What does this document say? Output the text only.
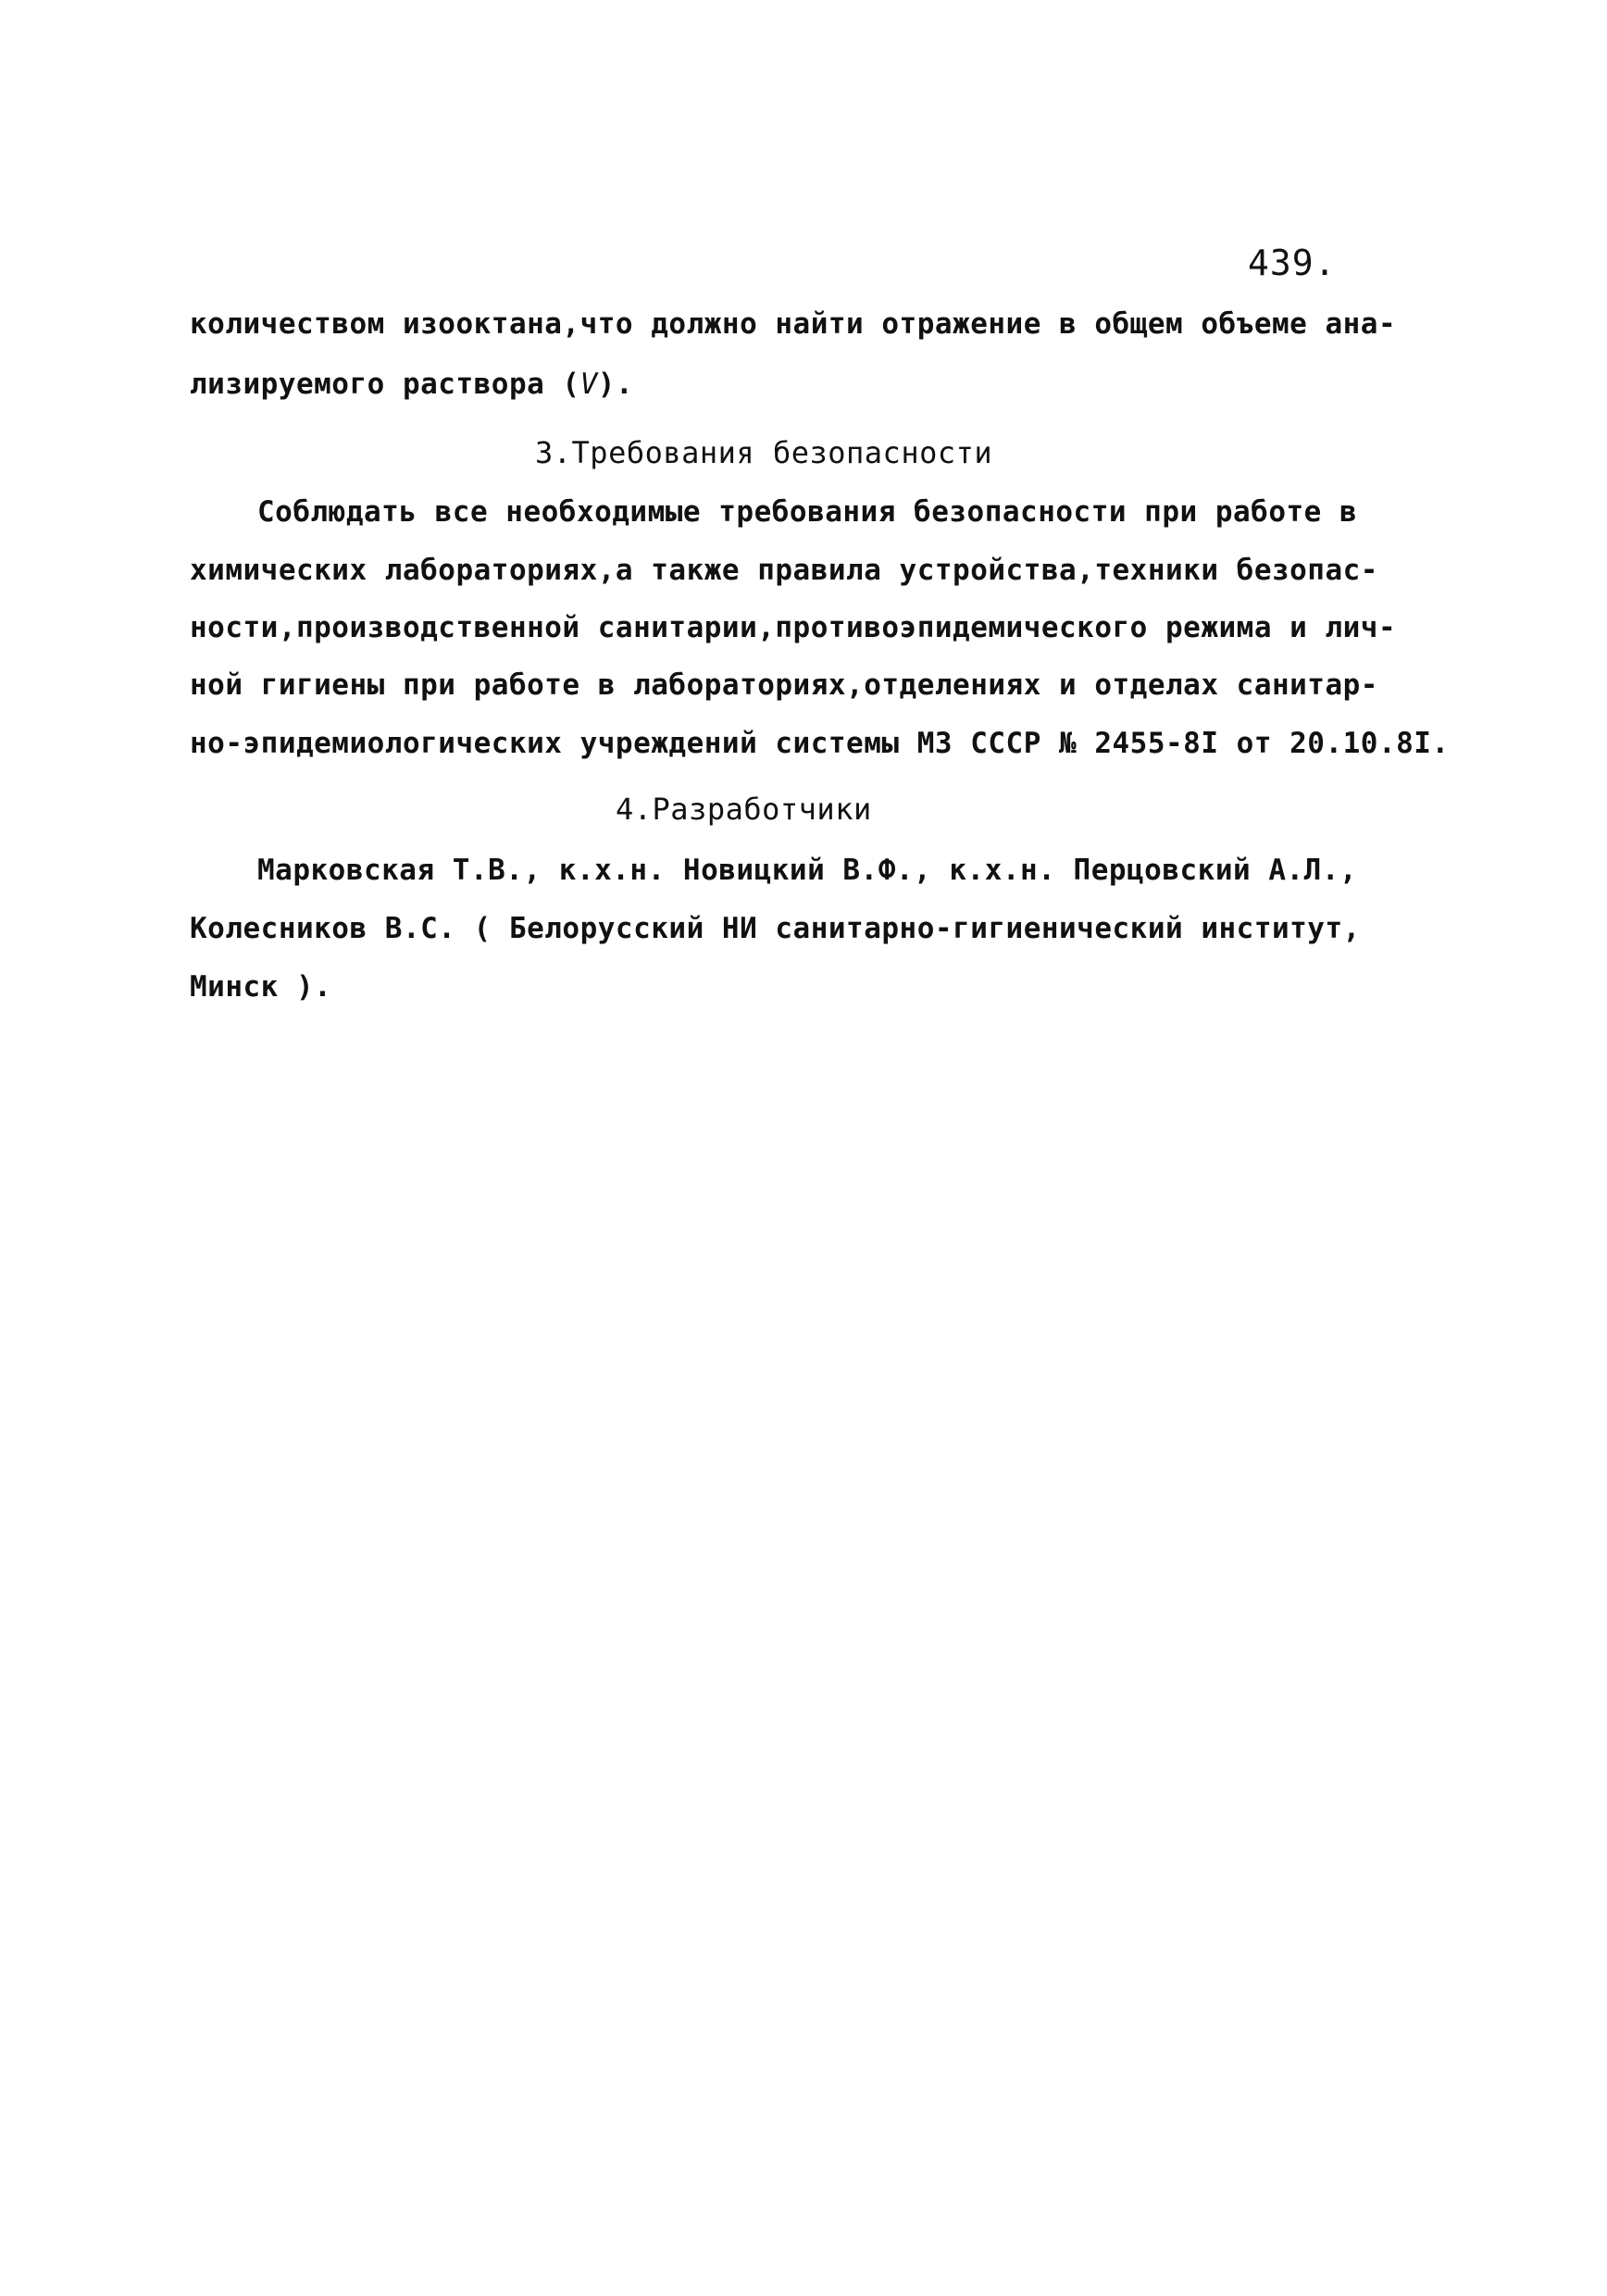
439.
количеством изооктана,что должно найти отражение в общем объеме ана-
лизируемого раствора (V).
3.Требования безопасности
Соблюдать все необходимые требования безопасности при работе в
химических лабораториях,а также правила устройства,техники безопас-
ности,производственной санитарии,противоэпидемического режима и лич-
ной гигиены при работе в лабораториях,отделениях и отделах санитар-
но-эпидемиологических учреждений системы МЗ СССР № 2455-8I от 20.10.8I.
4.Разработчики
Марковская Т.В., к.х.н. Новицкий В.Ф., к.х.н. Перцовский А.Л.,
Колесников В.С. ( Белорусский НИ санитарно-гигиенический институт,
Минск ).
